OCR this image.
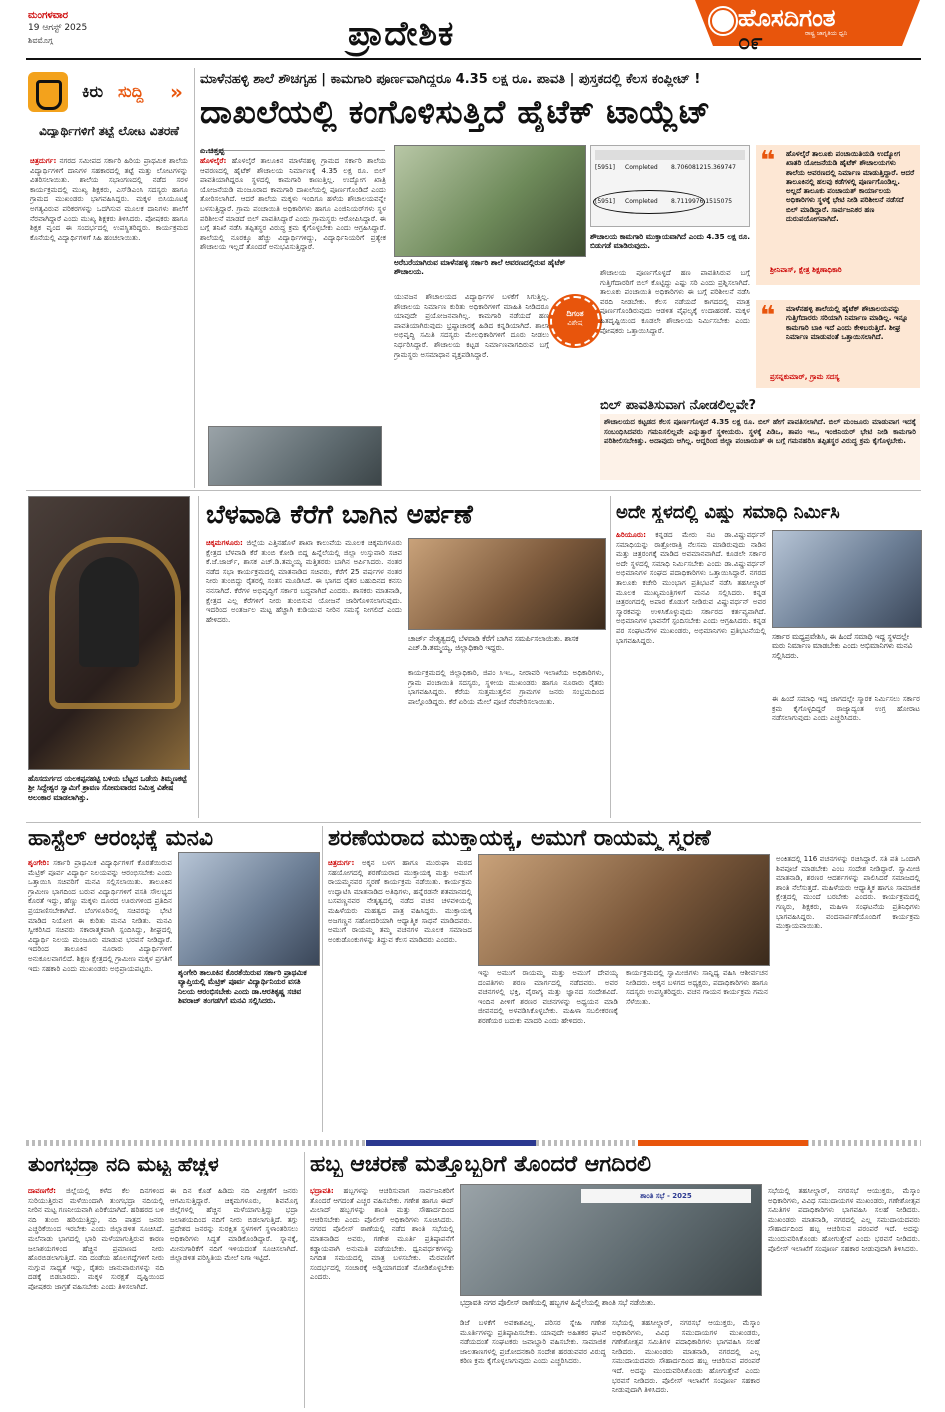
ಮಂಗಳವಾರ
19 ಆಗಸ್ಟ್ 2025
ಶಿವಮೊಗ್ಗ	ಪ್ರಾದೇಶಿಕ	ಹೊಸದಿಗಂತ
ರಾಷ್ಟ್ರ ಜಾಗೃತಿಯ ಧ್ವನಿ
೦೯
ಕಿರು ಸುದ್ದಿ »
ವಿದ್ಯಾರ್ಥಿಗಳಿಗೆ ತಟ್ಟೆ ಲೋಟ ವಿತರಣೆ
ಚಿತ್ರದುರ್ಗ: ನಗರದ ಸಮೀಪದ ಸರ್ಕಾರಿ ಹಿರಿಯ ಪ್ರಾಥಮಿಕ ಶಾಲೆಯ ವಿದ್ಯಾರ್ಥಿಗಳಿಗೆ ದಾನಿಗಳ ಸಹಕಾರದಲ್ಲಿ ತಟ್ಟೆ ಮತ್ತು ಲೋಟಗಳನ್ನು ವಿತರಿಸಲಾಯಿತು. ಶಾಲೆಯ ಸಭಾಂಗಣದಲ್ಲಿ ನಡೆದ ಸರಳ ಕಾರ್ಯಕ್ರಮದಲ್ಲಿ ಮುಖ್ಯ ಶಿಕ್ಷಕರು, ಎಸ್‌ಡಿಎಂಸಿ ಸದಸ್ಯರು ಹಾಗೂ ಗ್ರಾಮದ ಮುಖಂಡರು ಭಾಗವಹಿಸಿದ್ದರು. ಮಕ್ಕಳ ಬಿಸಿಯೂಟಕ್ಕೆ ಅಗತ್ಯವಿರುವ ಪರಿಕರಗಳನ್ನು ಒದಗಿಸುವ ಮೂಲಕ ದಾನಿಗಳು ಶಾಲೆಗೆ ನೆರವಾಗಿದ್ದಾರೆ ಎಂದು ಮುಖ್ಯ ಶಿಕ್ಷಕರು ತಿಳಿಸಿದರು. ಪೋಷಕರು ಹಾಗೂ ಶಿಕ್ಷಕ ವೃಂದ ಈ ಸಂದರ್ಭದಲ್ಲಿ ಉಪಸ್ಥಿತರಿದ್ದರು. ಕಾರ್ಯಕ್ರಮದ ಕೊನೆಯಲ್ಲಿ ವಿದ್ಯಾರ್ಥಿಗಳಿಗೆ ಸಿಹಿ ಹಂಚಲಾಯಿತು.
ಮಾಳೆನಹಳ್ಳಿ ಶಾಲೆ ಶೌಚಗೃಹ | ಕಾಮಗಾರಿ ಪೂರ್ಣವಾಗಿದ್ದರೂ 4.35 ಲಕ್ಷ ರೂ. ಪಾವತಿ | ಪುಸ್ತಕದಲ್ಲಿ ಕೆಲಸ ಕಂಪ್ಲೀಟ್ !
ದಾಖಲೆಯಲ್ಲಿ ಕಂಗೊಳಿಸುತ್ತಿದೆ ಹೈಟೆಕ್ ಟಾಯ್ಲೆಟ್
ಎ.ಚಿತ್ತಪ್ಪ
ಹೊಳಲ್ಕೆರೆ: ಹೊಳಲ್ಕೆರೆ ತಾಲೂಕಿನ ಮಾಳೆನಹಳ್ಳಿ ಗ್ರಾಮದ ಸರ್ಕಾರಿ ಶಾಲೆಯ ಆವರಣದಲ್ಲಿ ಹೈಟೆಕ್ ಶೌಚಾಲಯ ನಿರ್ಮಾಣಕ್ಕೆ 4.35 ಲಕ್ಷ ರೂ. ಬಿಲ್ ಪಾವತಿಯಾಗಿದ್ದರೂ ಸ್ಥಳದಲ್ಲಿ ಕಾಮಗಾರಿ ಕಾಣುತ್ತಿಲ್ಲ. ಉದ್ಯೋಗ ಖಾತ್ರಿ ಯೋಜನೆಯಡಿ ಮಂಜೂರಾದ ಕಾಮಗಾರಿ ದಾಖಲೆಯಲ್ಲಿ ಪೂರ್ಣಗೊಂಡಿದೆ ಎಂದು ತೋರಿಸಲಾಗಿದೆ. ಆದರೆ ಶಾಲೆಯ ಮಕ್ಕಳು ಇಂದಿಗೂ ಹಳೆಯ ಶೌಚಾಲಯವನ್ನೇ ಬಳಸುತ್ತಿದ್ದಾರೆ. ಗ್ರಾಮ ಪಂಚಾಯಿತಿ ಅಧಿಕಾರಿಗಳು ಹಾಗೂ ಎಂಜಿನಿಯರ್‌ಗಳು ಸ್ಥಳ ಪರಿಶೀಲನೆ ಮಾಡದೆ ಬಿಲ್ ಪಾವತಿಸಿದ್ದಾರೆ ಎಂದು ಗ್ರಾಮಸ್ಥರು ಆರೋಪಿಸಿದ್ದಾರೆ. ಈ ಬಗ್ಗೆ ತನಿಖೆ ನಡೆಸಿ ತಪ್ಪಿತಸ್ಥರ ವಿರುದ್ಧ ಕ್ರಮ ಕೈಗೊಳ್ಳಬೇಕು ಎಂದು ಆಗ್ರಹಿಸಿದ್ದಾರೆ. ಶಾಲೆಯಲ್ಲಿ ನೂರಕ್ಕೂ ಹೆಚ್ಚು ವಿದ್ಯಾರ್ಥಿಗಳಿದ್ದು, ವಿದ್ಯಾರ್ಥಿನಿಯರಿಗೆ ಪ್ರತ್ಯೇಕ ಶೌಚಾಲಯ ಇಲ್ಲದೆ ತೊಂದರೆ ಅನುಭವಿಸುತ್ತಿದ್ದಾರೆ.
ಅರೆಬರೆಯಾಗಿರುವ ಮಾಳೆನಹಳ್ಳಿ ಸರ್ಕಾರಿ ಶಾಲೆ ಆವರಣದಲ್ಲಿರುವ ಹೈಟೆಕ್ ಶೌಚಾಲಯ.
[5951] Completed 8.706081215.369747
[5951] Completed 8.7119976.1515075
ಶೌಚಾಲಯ ಕಾಮಗಾರಿ ಮುಕ್ತಾಯವಾಗಿದೆ ಎಂದು 4.35 ಲಕ್ಷ ರೂ. ಬಿಡುಗಡೆ ಮಾಡಿರುವುದು.
ಯುವಜನ ಶೌಚಾಲಯದ ವಿದ್ಯಾರ್ಥಿಗಳ ಬಳಕೆಗೆ ಸಿಗುತ್ತಿಲ್ಲ. ಶೌಚಾಲಯ ನಿರ್ಮಾಣ ಕುರಿತು ಅಧಿಕಾರಿಗಳಿಗೆ ಮಾಹಿತಿ ನೀಡಿದರೂ ಯಾವುದೇ ಪ್ರಯೋಜನವಾಗಿಲ್ಲ. ಕಾಮಗಾರಿ ನಡೆಯದೆ ಹಣ ಪಾವತಿಯಾಗಿರುವುದು ಭ್ರಷ್ಟಾಚಾರಕ್ಕೆ ಹಿಡಿದ ಕನ್ನಡಿಯಾಗಿದೆ. ಶಾಲಾ ಅಭಿವೃದ್ಧಿ ಸಮಿತಿ ಸದಸ್ಯರು ಮೇಲಧಿಕಾರಿಗಳಿಗೆ ದೂರು ನೀಡಲು ನಿರ್ಧರಿಸಿದ್ದಾರೆ. ಶೌಚಾಲಯ ಕಟ್ಟಡ ನಿರ್ಮಾಣವಾಗದಿರುವ ಬಗ್ಗೆ ಗ್ರಾಮಸ್ಥರು ಅಸಮಾಧಾನ ವ್ಯಕ್ತಪಡಿಸಿದ್ದಾರೆ.
ದಿಗಂತ
ವಿಶೇಷ
ಶೌಚಾಲಯ ಪೂರ್ಣಗೊಳ್ಳದೆ ಹಣ ಪಾವತಿಸಿರುವ ಬಗ್ಗೆ ಗುತ್ತಿಗೆದಾರರಿಗೆ ಬಿಲ್ ಕೊಟ್ಟಿದ್ದು ಎಷ್ಟು ಸರಿ ಎಂದು ಪ್ರಶ್ನಿಸಲಾಗಿದೆ. ತಾಲೂಕು ಪಂಚಾಯಿತಿ ಅಧಿಕಾರಿಗಳು ಈ ಬಗ್ಗೆ ಪರಿಶೀಲನೆ ನಡೆಸಿ ವರದಿ ನೀಡಬೇಕು. ಕೆಲಸ ನಡೆಯದೆ ಕಾಗದದಲ್ಲಿ ಮಾತ್ರ ಪೂರ್ಣಗೊಂಡಿರುವುದು ಆಡಳಿತ ವೈಫಲ್ಯಕ್ಕೆ ಉದಾಹರಣೆ. ಮಕ್ಕಳ ಹಿತದೃಷ್ಟಿಯಿಂದ ಕೂಡಲೇ ಶೌಚಾಲಯ ನಿರ್ಮಿಸಬೇಕು ಎಂದು ಪೋಷಕರು ಒತ್ತಾಯಿಸಿದ್ದಾರೆ.
❝ ಹೊಳಲ್ಕೆರೆ ತಾಲೂಕು ಪಂಚಾಯಿತಿಯಡಿ ಉದ್ಯೋಗ ಖಾತರಿ ಯೋಜನೆಯಡಿ ಹೈಟೆಕ್ ಶೌಚಾಲಯಗಳು ಶಾಲೆಯ ಆವರಣದಲ್ಲಿ ನಿರ್ಮಾಣ ಮಾಡುತ್ತಿದ್ದಾರೆ. ಆದರೆ ತಾಲೂಕಿನಲ್ಲಿ ಹಲವು ಕಡೆಗಳಲ್ಲಿ ಪೂರ್ಣಗೊಂಡಿಲ್ಲ. ಅಲ್ಲದೆ ತಾಲೂಕು ಪಂಚಾಯತ್ ಕಾರ್ಯಾಲಯ ಅಧಿಕಾರಿಗಳು ಸ್ಥಳಕ್ಕೆ ಭೇಟಿ ನೀಡಿ ಪರಿಶೀಲನೆ ನಡೆಸದೆ ಬಿಲ್ ಮಾಡಿದ್ದಾರೆ. ಸಾರ್ವಜನಿಕರ ಹಣ ದುರುಪಯೋಗವಾಗಿದೆ.
ಶ್ರೀನಿವಾಸ್, ಕ್ಷೇತ್ರ ಶಿಕ್ಷಣಾಧಿಕಾರಿ
❝ ಮಾಳೆನಹಳ್ಳಿ ಶಾಲೆಯಲ್ಲಿ ಹೈಟೆಕ್ ಶೌಚಾಲಯವನ್ನು ಗುತ್ತಿಗೆದಾರರು ಸರಿಯಾಗಿ ನಿರ್ಮಾಣ ಮಾಡಿಲ್ಲ. ಇನ್ನೂ ಕಾಮಗಾರಿ ಬಾಕಿ ಇದೆ ಎಂದು ಕೇಳಿಬರುತ್ತಿದೆ. ಶೀಘ್ರ ನಿರ್ಮಾಣ ಮಾಡುವಂತೆ ಒತ್ತಾಯಿಸಲಾಗಿದೆ.
ಪ್ರಸನ್ನಕುಮಾರ್, ಗ್ರಾಮ ಸದಸ್ಯ
ಬಿಲ್ ಪಾವತಿಸುವಾಗ ನೋಡಲಿಲ್ಲವೇ?
ಶೌಚಾಲಯದ ಕಟ್ಟಡದ ಕೆಲಸ ಪೂರ್ಣಗೊಳ್ಳದೆ 4.35 ಲಕ್ಷ ರೂ. ಬಿಲ್ ಹೇಗೆ ಪಾವತಿಸಲಾಗಿದೆ. ಬಿಲ್ ಮಂಜೂರು ಮಾಡುವಾಗ ಇದಕ್ಕೆ ಸಂಬಂಧಿಸಿದವರು ಗಮನಿಸಲಿಲ್ಲವೇ ಎನ್ನುತ್ತಾರೆ ಸ್ಥಳೀಯರು. ಸ್ಥಳಕ್ಕೆ ಪಿಡಿಒ, ತಾಪಂ ಇಒ, ಇಂಜಿನಿಯರ್ ಭೇಟಿ ನೀಡಿ ಕಾಮಗಾರಿ ಪರಿಶೀಲಿಸಬೇಕಿತ್ತು. ಅದಾವುದು ಆಗಿಲ್ಲ. ಆದ್ದರಿಂದ ಜಿಲ್ಲಾ ಪಂಚಾಯತ್ ಈ ಬಗ್ಗೆ ಗಮನಹರಿಸಿ ತಪ್ಪಿತಸ್ಥರ ವಿರುದ್ಧ ಕ್ರಮ ಕೈಗೊಳ್ಳಬೇಕು.
ಹೊಸದುರ್ಗದ ಯಲಕಪ್ಪನಹಟ್ಟಿ ಬಳಿಯ ಬೆಟ್ಟದ ಒಡೆಯ ತಿಮ್ಮಣಕಟ್ಟೆ ಶ್ರೀ ಸಿದ್ದೇಶ್ವರ ಸ್ವಾಮಿಗೆ ಶ್ರಾವಣ ಸೋಮವಾರದ ನಿಮಿತ್ತ ವಿಶೇಷ ಅಲಂಕಾರ ಮಾಡಲಾಗಿತ್ತು.
ಬೆಳವಾಡಿ ಕೆರೆಗೆ ಬಾಗಿನ ಅರ್ಪಣೆ
ಚಿಕ್ಕಮಗಳೂರು: ಜಿಲ್ಲೆಯ ಎತ್ತಿನಹೊಳೆ ಶಾಖಾ ಕಾಲುವೆಯ ಮೂಲಕ ಚಿಕ್ಕಮಗಳೂರು ಕ್ಷೇತ್ರದ ಬೆಳವಾಡಿ ಕೆರೆ ತುಂಬಿ ಕೋಡಿ ಬಿದ್ದ ಹಿನ್ನೆಲೆಯಲ್ಲಿ ಜಿಲ್ಲಾ ಉಸ್ತುವಾರಿ ಸಚಿವ ಕೆ.ಜೆ.ಜಾರ್ಜ್, ಶಾಸಕ ಎಚ್.ಡಿ.ತಮ್ಮಯ್ಯ ಮತ್ತಿತರರು ಬಾಗಿನ ಅರ್ಪಿಸಿದರು. ನಂತರ ನಡೆದ ಸಭಾ ಕಾರ್ಯಕ್ರಮದಲ್ಲಿ ಮಾತನಾಡಿದ ಸಚಿವರು, ಕೆರೆಗೆ 25 ವರ್ಷಗಳ ನಂತರ ನೀರು ತುಂಬಿದ್ದು ರೈತರಲ್ಲಿ ಸಂತಸ ಮೂಡಿಸಿದೆ. ಈ ಭಾಗದ ರೈತರ ಬಹುದಿನದ ಕನಸು ನನಸಾಗಿದೆ. ಕೆರೆಗಳ ಅಭಿವೃದ್ಧಿಗೆ ಸರ್ಕಾರ ಬದ್ಧವಾಗಿದೆ ಎಂದರು. ಶಾಸಕರು ಮಾತನಾಡಿ, ಕ್ಷೇತ್ರದ ಎಲ್ಲ ಕೆರೆಗಳಿಗೆ ನೀರು ತುಂಬಿಸುವ ಯೋಜನೆ ಜಾರಿಗೊಳಿಸಲಾಗುವುದು. ಇದರಿಂದ ಅಂತರ್ಜಲ ಮಟ್ಟ ಹೆಚ್ಚಾಗಿ ಕುಡಿಯುವ ನೀರಿನ ಸಮಸ್ಯೆ ನೀಗಲಿದೆ ಎಂದು ಹೇಳಿದರು.
ಚಾರ್ಜ್ ನೇತೃತ್ವದಲ್ಲಿ ಬೆಳವಾಡಿ ಕೆರೆಗೆ ಬಾಗಿನ ಸಮರ್ಪಿಸಲಾಯಿತು. ಶಾಸಕ ಎಚ್.ಡಿ.ತಮ್ಮಯ್ಯ, ಜಿಲ್ಲಾಧಿಕಾರಿ ಇದ್ದರು.
ಕಾರ್ಯಕ್ರಮದಲ್ಲಿ ಜಿಲ್ಲಾಧಿಕಾರಿ, ಜಿಪಂ ಸಿಇಒ, ನೀರಾವರಿ ಇಲಾಖೆಯ ಅಧಿಕಾರಿಗಳು, ಗ್ರಾಮ ಪಂಚಾಯಿತಿ ಸದಸ್ಯರು, ಸ್ಥಳೀಯ ಮುಖಂಡರು ಹಾಗೂ ನೂರಾರು ರೈತರು ಭಾಗವಹಿಸಿದ್ದರು. ಕೆರೆಯ ಸುತ್ತಮುತ್ತಲಿನ ಗ್ರಾಮಗಳ ಜನರು ಸಂಭ್ರಮದಿಂದ ಪಾಲ್ಗೊಂಡಿದ್ದರು. ಕೆರೆ ಏರಿಯ ಮೇಲೆ ಪೂಜೆ ನೆರವೇರಿಸಲಾಯಿತು.
ಅದೇ ಸ್ಥಳದಲ್ಲಿ ವಿಷ್ಣು ಸಮಾಧಿ ನಿರ್ಮಿಸಿ
ಹಿರಿಯೂರು: ಕನ್ನಡದ ಮೇರು ನಟ ಡಾ.ವಿಷ್ಣುವರ್ಧನ್ ಸಮಾಧಿಯನ್ನು ರಾತ್ರೋರಾತ್ರಿ ನೆಲಸಮ ಮಾಡಿರುವುದು ನಾಡಿನ ಮತ್ತು ಚಿತ್ರರಂಗಕ್ಕೆ ಮಾಡಿದ ಅವಮಾನವಾಗಿದೆ. ಕೂಡಲೇ ಸರ್ಕಾರ ಅದೇ ಸ್ಥಳದಲ್ಲಿ ಸಮಾಧಿ ನಿರ್ಮಿಸಬೇಕು ಎಂದು ಡಾ.ವಿಷ್ಣುವರ್ಧನ್ ಅಭಿಮಾನಿಗಳ ಸಂಘದ ಪದಾಧಿಕಾರಿಗಳು ಒತ್ತಾಯಿಸಿದ್ದಾರೆ. ನಗರದ ತಾಲೂಕು ಕಚೇರಿ ಮುಂಭಾಗ ಪ್ರತಿಭಟನೆ ನಡೆಸಿ ತಹಸೀಲ್ದಾರ್ ಮೂಲಕ ಮುಖ್ಯಮಂತ್ರಿಗಳಿಗೆ ಮನವಿ ಸಲ್ಲಿಸಿದರು. ಕನ್ನಡ ಚಿತ್ರರಂಗದಲ್ಲಿ ಅಪಾರ ಕೊಡುಗೆ ನೀಡಿರುವ ವಿಷ್ಣುವರ್ಧನ್ ಅವರ ಸ್ಮಾರಕವನ್ನು ಉಳಿಸಿಕೊಳ್ಳುವುದು ಸರ್ಕಾರದ ಕರ್ತವ್ಯವಾಗಿದೆ. ಅಭಿಮಾನಿಗಳ ಭಾವನೆಗೆ ಸ್ಪಂದಿಸಬೇಕು ಎಂದು ಆಗ್ರಹಿಸಿದರು. ಕನ್ನಡ ಪರ ಸಂಘಟನೆಗಳ ಮುಖಂಡರು, ಅಭಿಮಾನಿಗಳು ಪ್ರತಿಭಟನೆಯಲ್ಲಿ ಭಾಗವಹಿಸಿದ್ದರು.	ಸರ್ಕಾರ ಮಧ್ಯಪ್ರವೇಶಿಸಿ, ಈ ಹಿಂದೆ ಸಮಾಧಿ ಇದ್ದ ಸ್ಥಳದಲ್ಲೇ ಮರು ನಿರ್ಮಾಣ ಮಾಡಬೇಕು ಎಂದು ಅಭಿಮಾನಿಗಳು ಮನವಿ ಸಲ್ಲಿಸಿದರು.
ಈ ಹಿಂದೆ ಸಮಾಧಿ ಇದ್ದ ಜಾಗದಲ್ಲೇ ಸ್ಮಾರಕ ನಿರ್ಮಿಸಲು ಸರ್ಕಾರ ಕ್ರಮ ಕೈಗೊಳ್ಳದಿದ್ದರೆ ರಾಜ್ಯಾದ್ಯಂತ ಉಗ್ರ ಹೋರಾಟ ನಡೆಸಲಾಗುವುದು ಎಂದು ಎಚ್ಚರಿಸಿದರು.
ಹಾಸ್ಟೆಲ್ ಆರಂಭಕ್ಕೆ ಮನವಿ
ಶೃಂಗೇರಿ: ಸರ್ಕಾರಿ ಪ್ರಾಥಮಿಕ ವಿದ್ಯಾರ್ಥಿಗಳಿಗೆ ಕೊರತೆಯಿರುವ ಮೆಟ್ರಿಕ್ ಪೂರ್ವ ವಿದ್ಯಾರ್ಥಿ ನಿಲಯವನ್ನು ಆರಂಭಿಸಬೇಕು ಎಂದು ಒತ್ತಾಯಿಸಿ ಸಚಿವರಿಗೆ ಮನವಿ ಸಲ್ಲಿಸಲಾಯಿತು. ತಾಲೂಕಿನ ಗ್ರಾಮೀಣ ಭಾಗದಿಂದ ಬರುವ ವಿದ್ಯಾರ್ಥಿಗಳಿಗೆ ವಸತಿ ಸೌಲಭ್ಯದ ಕೊರತೆ ಇದ್ದು, ಹೆಣ್ಣು ಮಕ್ಕಳು ದೂರದ ಊರುಗಳಿಂದ ಪ್ರತಿದಿನ ಪ್ರಯಾಣಿಸಬೇಕಾಗಿದೆ. ಬೆಂಗಳೂರಿನಲ್ಲಿ ಸಚಿವರನ್ನು ಭೇಟಿ ಮಾಡಿದ ನಿಯೋಗ ಈ ಕುರಿತು ಮನವಿ ನೀಡಿತು. ಮನವಿ ಸ್ವೀಕರಿಸಿದ ಸಚಿವರು ಸಕಾರಾತ್ಮಕವಾಗಿ ಸ್ಪಂದಿಸಿದ್ದು, ಶೀಘ್ರದಲ್ಲಿ ವಿದ್ಯಾರ್ಥಿ ನಿಲಯ ಮಂಜೂರು ಮಾಡುವ ಭರವಸೆ ನೀಡಿದ್ದಾರೆ. ಇದರಿಂದ ತಾಲೂಕಿನ ನೂರಾರು ವಿದ್ಯಾರ್ಥಿಗಳಿಗೆ ಅನುಕೂಲವಾಗಲಿದೆ. ಶಿಕ್ಷಣ ಕ್ಷೇತ್ರದಲ್ಲಿ ಗ್ರಾಮೀಣ ಮಕ್ಕಳ ಪ್ರಗತಿಗೆ ಇದು ಸಹಕಾರಿ ಎಂದು ಮುಖಂಡರು ಅಭಿಪ್ರಾಯಪಟ್ಟರು.	ಶೃಂಗೇರಿ ತಾಲೂಕಿನ ಕೊರತೆಯಿರುವ ಸರ್ಕಾರಿ ಪ್ರಾಥಮಿಕ ವ್ಯಾಪ್ತಿಯಲ್ಲಿ ಮೆಟ್ರಿಕ್ ಪೂರ್ವ ವಿದ್ಯಾರ್ಥಿನಿಯರ ವಸತಿ ನಿಲಯ ಆರಂಭಿಸಬೇಕು ಎಂದು ಡಾ.ಆರತಿಕೃಷ್ಣ ಸಚಿವ ಶಿವರಾಜ್ ತಂಗಡಗಿಗೆ ಮನವಿ ಸಲ್ಲಿಸಿದರು.
ಶರಣೆಯರಾದ ಮುಕ್ತಾಯಕ್ಕ, ಅಮುಗೆ ರಾಯಮ್ಮ ಸ್ಮರಣೆ
ಚಿತ್ರದುರ್ಗ: ಅಕ್ಕನ ಬಳಗ ಹಾಗೂ ಮುರುಘಾ ಮಠದ ಸಹಯೋಗದಲ್ಲಿ ಶರಣೆಯರಾದ ಮುಕ್ತಾಯಕ್ಕ ಮತ್ತು ಅಮುಗೆ ರಾಯಮ್ಮನವರ ಸ್ಮರಣೆ ಕಾರ್ಯಕ್ರಮ ನಡೆಯಿತು. ಕಾರ್ಯಕ್ರಮ ಉದ್ಘಾಟಿಸಿ ಮಾತನಾಡಿದ ಅತಿಥಿಗಳು, ಹನ್ನೆರಡನೇ ಶತಮಾನದಲ್ಲಿ ಬಸವಣ್ಣನವರ ನೇತೃತ್ವದಲ್ಲಿ ನಡೆದ ವಚನ ಚಳವಳಿಯಲ್ಲಿ ಮಹಿಳೆಯರು ಮಹತ್ವದ ಪಾತ್ರ ವಹಿಸಿದ್ದರು. ಮುಕ್ತಾಯಕ್ಕ ಅಜಗಣ್ಣನ ಸಹೋದರಿಯಾಗಿ ಆಧ್ಯಾತ್ಮಿಕ ಸಾಧನೆ ಮಾಡಿದವರು. ಅಮುಗೆ ರಾಯಮ್ಮ ತಮ್ಮ ವಚನಗಳ ಮೂಲಕ ಸಮಾಜದ ಅಂಕುಡೊಂಕುಗಳನ್ನು ತಿದ್ದುವ ಕೆಲಸ ಮಾಡಿದರು ಎಂದರು.
ಇನ್ನು ಅಮುಗೆ ರಾಯಮ್ಮ ಮತ್ತು ಅಮುಗೆ ದೇವಯ್ಯ ದಂಪತಿಗಳು ಶರಣ ಮಾರ್ಗದಲ್ಲಿ ನಡೆದವರು. ಅವರ ವಚನಗಳಲ್ಲಿ ಭಕ್ತಿ, ವೈರಾಗ್ಯ ಮತ್ತು ಜ್ಞಾನದ ಸಂದೇಶವಿದೆ. ಇಂದಿನ ಪೀಳಿಗೆ ಶರಣರ ವಚನಗಳನ್ನು ಅಧ್ಯಯನ ಮಾಡಿ ಜೀವನದಲ್ಲಿ ಅಳವಡಿಸಿಕೊಳ್ಳಬೇಕು. ಮಹಿಳಾ ಸಬಲೀಕರಣಕ್ಕೆ ಶರಣೆಯರ ಬದುಕು ಮಾದರಿ ಎಂದು ಹೇಳಿದರು.
ಕಾರ್ಯಕ್ರಮದಲ್ಲಿ ಸ್ವಾಮೀಜಿಗಳು ಸಾನ್ನಿಧ್ಯ ವಹಿಸಿ ಆಶೀರ್ವಚನ ನೀಡಿದರು. ಅಕ್ಕನ ಬಳಗದ ಅಧ್ಯಕ್ಷರು, ಪದಾಧಿಕಾರಿಗಳು ಹಾಗೂ ಸದಸ್ಯರು ಉಪಸ್ಥಿತರಿದ್ದರು. ವಚನ ಗಾಯನ ಕಾರ್ಯಕ್ರಮ ಗಮನ ಸೆಳೆಯಿತು.
ಅಂಕಿತದಲ್ಲಿ 116 ವಚನಗಳನ್ನು ರಚಿಸಿದ್ದಾರೆ. ಸತಿ ಪತಿ ಒಂದಾಗಿ ಶಿವಪೂಜೆ ಮಾಡಬೇಕು ಎಂಬ ಸಂದೇಶ ನೀಡಿದ್ದಾರೆ. ಸ್ವಾಮೀಜಿ ಮಾತನಾಡಿ, ಶರಣರ ಆದರ್ಶಗಳನ್ನು ಪಾಲಿಸಿದರೆ ಸಮಾಜದಲ್ಲಿ ಶಾಂತಿ ನೆಲೆಸುತ್ತದೆ. ಮಹಿಳೆಯರು ಆಧ್ಯಾತ್ಮಿಕ ಹಾಗೂ ಸಾಮಾಜಿಕ ಕ್ಷೇತ್ರದಲ್ಲಿ ಮುಂದೆ ಬರಬೇಕು ಎಂದರು. ಕಾರ್ಯಕ್ರಮದಲ್ಲಿ ಗಣ್ಯರು, ಶಿಕ್ಷಕರು, ಮಹಿಳಾ ಸಂಘಟನೆಯ ಪ್ರತಿನಿಧಿಗಳು ಭಾಗವಹಿಸಿದ್ದರು. ವಂದನಾರ್ಪಣೆಯೊಂದಿಗೆ ಕಾರ್ಯಕ್ರಮ ಮುಕ್ತಾಯವಾಯಿತು.
ತುಂಗಭದ್ರಾ ನದಿ ಮಟ್ಟ ಹೆಚ್ಚಳ
ದಾವಣಗೆರೆ: ಜಿಲ್ಲೆಯಲ್ಲಿ ಕಳೆದ ಕೆಲ ದಿನಗಳಿಂದ ಸುರಿಯುತ್ತಿರುವ ಮಳೆಯಿಂದಾಗಿ ತುಂಗಭದ್ರಾ ನದಿಯಲ್ಲಿ ನೀರಿನ ಮಟ್ಟ ಗಣನೀಯವಾಗಿ ಏರಿಕೆಯಾಗಿದೆ. ಹರಿಹರದ ಬಳಿ ನದಿ ತುಂಬಿ ಹರಿಯುತ್ತಿದ್ದು, ನದಿ ಪಾತ್ರದ ಜನರು ಎಚ್ಚರಿಕೆಯಿಂದ ಇರಬೇಕು ಎಂದು ಜಿಲ್ಲಾಡಳಿತ ಸೂಚಿಸಿದೆ. ಮಲೆನಾಡು ಭಾಗದಲ್ಲಿ ಭಾರಿ ಮಳೆಯಾಗುತ್ತಿರುವ ಕಾರಣ ಜಲಾಶಯಗಳಿಂದ ಹೆಚ್ಚಿನ ಪ್ರಮಾಣದ ನೀರು ಹೊರಬಿಡಲಾಗುತ್ತಿದೆ. ನದಿ ದಂಡೆಯ ಹೊಲಗದ್ದೆಗಳಿಗೆ ನೀರು ನುಗ್ಗುವ ಸಾಧ್ಯತೆ ಇದ್ದು, ರೈತರು ಜಾನುವಾರುಗಳನ್ನು ನದಿ ದಡಕ್ಕೆ ಬಿಡಬಾರದು. ಮಕ್ಕಳ ಸುರಕ್ಷತೆ ದೃಷ್ಟಿಯಿಂದ ಪೋಷಕರು ಜಾಗ್ರತೆ ವಹಿಸಬೇಕು ಎಂದು ತಿಳಿಸಲಾಗಿದೆ.
ಈ ದಿನ ಕೊಡೆ ಹಿಡಿದು ನದಿ ವೀಕ್ಷಣೆಗೆ ಜನರು ಆಗಮಿಸುತ್ತಿದ್ದಾರೆ. ಚಿಕ್ಕಮಗಳೂರು, ಶಿವಮೊಗ್ಗ ಜಿಲ್ಲೆಗಳಲ್ಲಿ ಹೆಚ್ಚಿನ ಮಳೆಯಾಗುತ್ತಿದ್ದು ಭದ್ರಾ ಜಲಾಶಯದಿಂದ ನದಿಗೆ ನೀರು ಬಿಡಲಾಗುತ್ತಿದೆ. ತಗ್ಗು ಪ್ರದೇಶದ ಜನರನ್ನು ಸುರಕ್ಷಿತ ಸ್ಥಳಗಳಿಗೆ ಸ್ಥಳಾಂತರಿಸಲು ಅಧಿಕಾರಿಗಳು ಸಿದ್ಧತೆ ಮಾಡಿಕೊಂಡಿದ್ದಾರೆ. ಸ್ನಾನಕ್ಕೆ, ಮೀನುಗಾರಿಕೆಗೆ ನದಿಗೆ ಇಳಿಯದಂತೆ ಸೂಚಿಸಲಾಗಿದೆ. ಜಿಲ್ಲಾಡಳಿತ ಪರಿಸ್ಥಿತಿಯ ಮೇಲೆ ನಿಗಾ ಇಟ್ಟಿದೆ.
ಹಬ್ಬ ಆಚರಣೆ ಮತ್ತೊಬ್ಬರಿಗೆ ತೊಂದರೆ ಆಗದಿರಲಿ
ಭದ್ರಾವತಿ: ಹಬ್ಬಗಳನ್ನು ಆಚರಿಸುವಾಗ ಸಾರ್ವಜನಿಕರಿಗೆ ತೊಂದರೆ ಆಗದಂತೆ ಎಚ್ಚರ ವಹಿಸಬೇಕು. ಗಣೇಶ ಹಾಗೂ ಈದ್ ಮಿಲಾದ್ ಹಬ್ಬಗಳನ್ನು ಶಾಂತಿ ಮತ್ತು ಸೌಹಾರ್ದದಿಂದ ಆಚರಿಸಬೇಕು ಎಂದು ಪೊಲೀಸ್ ಅಧಿಕಾರಿಗಳು ಸೂಚಿಸಿದರು. ನಗರದ ಪೊಲೀಸ್ ಠಾಣೆಯಲ್ಲಿ ನಡೆದ ಶಾಂತಿ ಸಭೆಯಲ್ಲಿ ಮಾತನಾಡಿದ ಅವರು, ಗಣೇಶ ಮೂರ್ತಿ ಪ್ರತಿಷ್ಠಾಪನೆಗೆ ಕಡ್ಡಾಯವಾಗಿ ಅನುಮತಿ ಪಡೆಯಬೇಕು. ಧ್ವನಿವರ್ಧಕಗಳನ್ನು ನಿಗದಿತ ಸಮಯದಲ್ಲಿ ಮಾತ್ರ ಬಳಸಬೇಕು. ಮೆರವಣಿಗೆ ಸಂದರ್ಭದಲ್ಲಿ ಸಂಚಾರಕ್ಕೆ ಅಡ್ಡಿಯಾಗದಂತೆ ನೋಡಿಕೊಳ್ಳಬೇಕು ಎಂದರು.
ಶಾಂತಿ ಸಭೆ - 2025
ಭದ್ರಾವತಿ ನಗರ ಪೊಲೀಸ್ ಠಾಣೆಯಲ್ಲಿ ಹಬ್ಬಗಳ ಹಿನ್ನೆಲೆಯಲ್ಲಿ ಶಾಂತಿ ಸಭೆ ನಡೆಯಿತು.
ಡಿಜೆ ಬಳಕೆಗೆ ಅವಕಾಶವಿಲ್ಲ. ಪರಿಸರ ಸ್ನೇಹಿ ಗಣೇಶ ಮೂರ್ತಿಗಳನ್ನು ಪ್ರತಿಷ್ಠಾಪಿಸಬೇಕು. ಯಾವುದೇ ಅಹಿತಕರ ಘಟನೆ ನಡೆಯದಂತೆ ಸಂಘಟಕರು ಜವಾಬ್ದಾರಿ ವಹಿಸಬೇಕು. ಸಾಮಾಜಿಕ ಜಾಲತಾಣಗಳಲ್ಲಿ ಪ್ರಚೋದನಕಾರಿ ಸಂದೇಶ ಹರಡುವವರ ವಿರುದ್ಧ ಕಠಿಣ ಕ್ರಮ ಕೈಗೊಳ್ಳಲಾಗುವುದು ಎಂದು ಎಚ್ಚರಿಸಿದರು.
ಸಭೆಯಲ್ಲಿ ತಹಸೀಲ್ದಾರ್, ನಗರಸಭೆ ಆಯುಕ್ತರು, ಮೆಸ್ಕಾಂ ಅಧಿಕಾರಿಗಳು, ವಿವಿಧ ಸಮುದಾಯಗಳ ಮುಖಂಡರು, ಗಣೇಶೋತ್ಸವ ಸಮಿತಿಗಳ ಪದಾಧಿಕಾರಿಗಳು ಭಾಗವಹಿಸಿ ಸಲಹೆ ನೀಡಿದರು. ಮುಖಂಡರು ಮಾತನಾಡಿ, ನಗರದಲ್ಲಿ ಎಲ್ಲ ಸಮುದಾಯದವರು ಸೌಹಾರ್ದದಿಂದ ಹಬ್ಬ ಆಚರಿಸುವ ಪರಂಪರೆ ಇದೆ. ಅದನ್ನು ಮುಂದುವರಿಸಿಕೊಂಡು ಹೋಗುತ್ತೇವೆ ಎಂದು ಭರವಸೆ ನೀಡಿದರು. ಪೊಲೀಸ್ ಇಲಾಖೆಗೆ ಸಂಪೂರ್ಣ ಸಹಕಾರ ನೀಡುವುದಾಗಿ ತಿಳಿಸಿದರು.
ಸಭೆಯಲ್ಲಿ ತಹಸೀಲ್ದಾರ್, ನಗರಸಭೆ ಆಯುಕ್ತರು, ಮೆಸ್ಕಾಂ ಅಧಿಕಾರಿಗಳು, ವಿವಿಧ ಸಮುದಾಯಗಳ ಮುಖಂಡರು, ಗಣೇಶೋತ್ಸವ ಸಮಿತಿಗಳ ಪದಾಧಿಕಾರಿಗಳು ಭಾಗವಹಿಸಿ ಸಲಹೆ ನೀಡಿದರು. ಮುಖಂಡರು ಮಾತನಾಡಿ, ನಗರದಲ್ಲಿ ಎಲ್ಲ ಸಮುದಾಯದವರು ಸೌಹಾರ್ದದಿಂದ ಹಬ್ಬ ಆಚರಿಸುವ ಪರಂಪರೆ ಇದೆ. ಅದನ್ನು ಮುಂದುವರಿಸಿಕೊಂಡು ಹೋಗುತ್ತೇವೆ ಎಂದು ಭರವಸೆ ನೀಡಿದರು. ಪೊಲೀಸ್ ಇಲಾಖೆಗೆ ಸಂಪೂರ್ಣ ಸಹಕಾರ ನೀಡುವುದಾಗಿ ತಿಳಿಸಿದರು.
